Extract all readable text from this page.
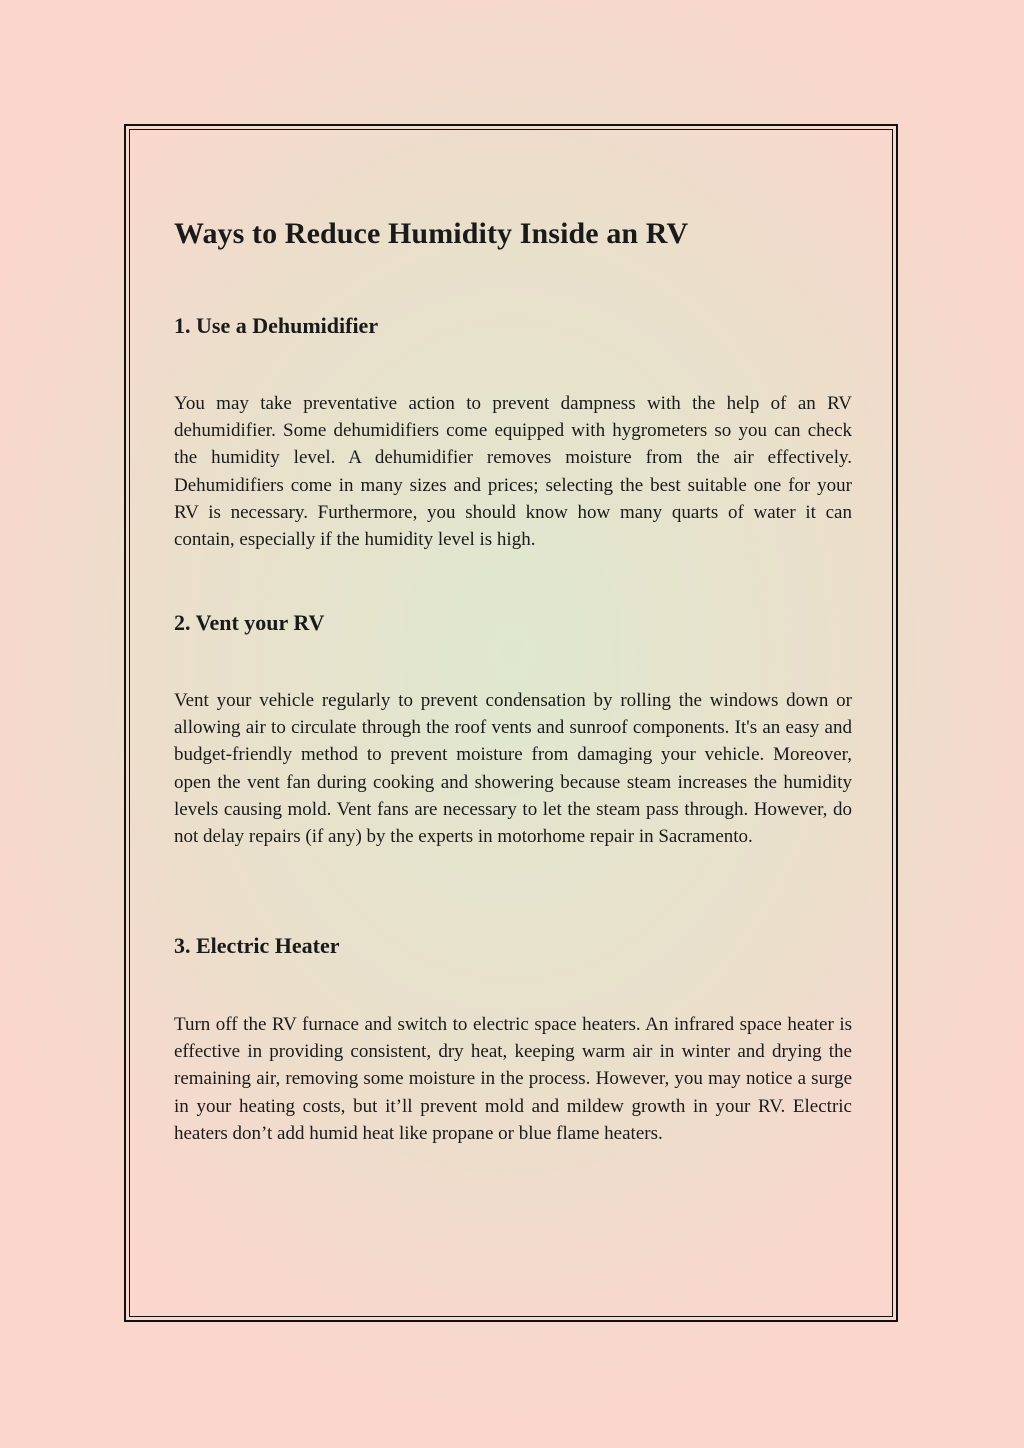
Ways to Reduce Humidity Inside an RV
1. Use a Dehumidifier

You may take preventative action to prevent dampness with the help of an RV dehumidifier. Some dehumidifiers come equipped with hygrometers so you can check the humidity level. A dehumidifier removes moisture from the air effectively. Dehumidifiers come in many sizes and prices; selecting the best suitable one for your RV is necessary. Furthermore, you should know how many quarts of water it can contain, especially if the humidity level is high.

2. Vent your RV

Vent your vehicle regularly to prevent condensation by rolling the windows down or allowing air to circulate through the roof vents and sunroof components. It's an easy and budget-friendly method to prevent moisture from damaging your vehicle. Moreover, open the vent fan during cooking and showering because steam increases the humidity levels causing mold. Vent fans are necessary to let the steam pass through. However, do not delay repairs (if any) by the experts in motorhome repair in Sacramento.

3. Electric Heater

Turn off the RV furnace and switch to electric space heaters. An infrared space heater is effective in providing consistent, dry heat, keeping warm air in winter and drying the remaining air, removing some moisture in the process. However, you may notice a surge in your heating costs, but it’ll prevent mold and mildew growth in your RV. Electric heaters don’t add humid heat like propane or blue flame heaters.
